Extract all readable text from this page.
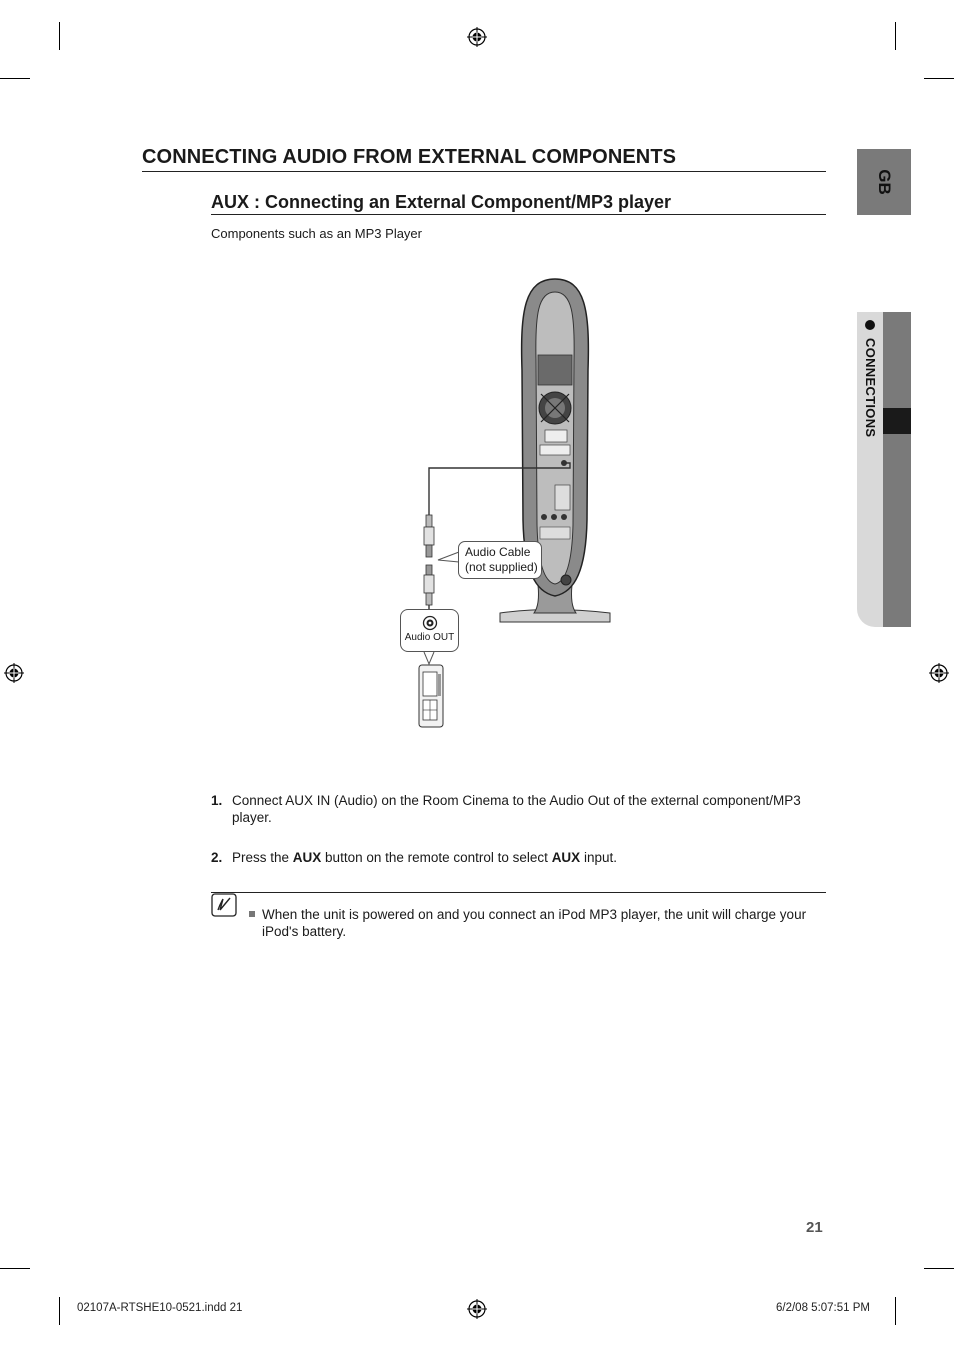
CONNECTING AUDIO FROM EXTERNAL COMPONENTS
AUX : Connecting an External Component/MP3 player
Components such as an MP3 Player
GB
CONNECTIONS
Audio Cable
(not supplied)
Audio OUT
1. Connect AUX IN (Audio) on the Room Cinema to the Audio Out of the external component/MP3 player.
2. Press the AUX button on the remote control to select AUX input.
When the unit is powered on and you connect an iPod MP3 player, the unit will charge your iPod's battery.
21
02107A-RTSHE10-0521.indd 21	6/2/08 5:07:51 PM
